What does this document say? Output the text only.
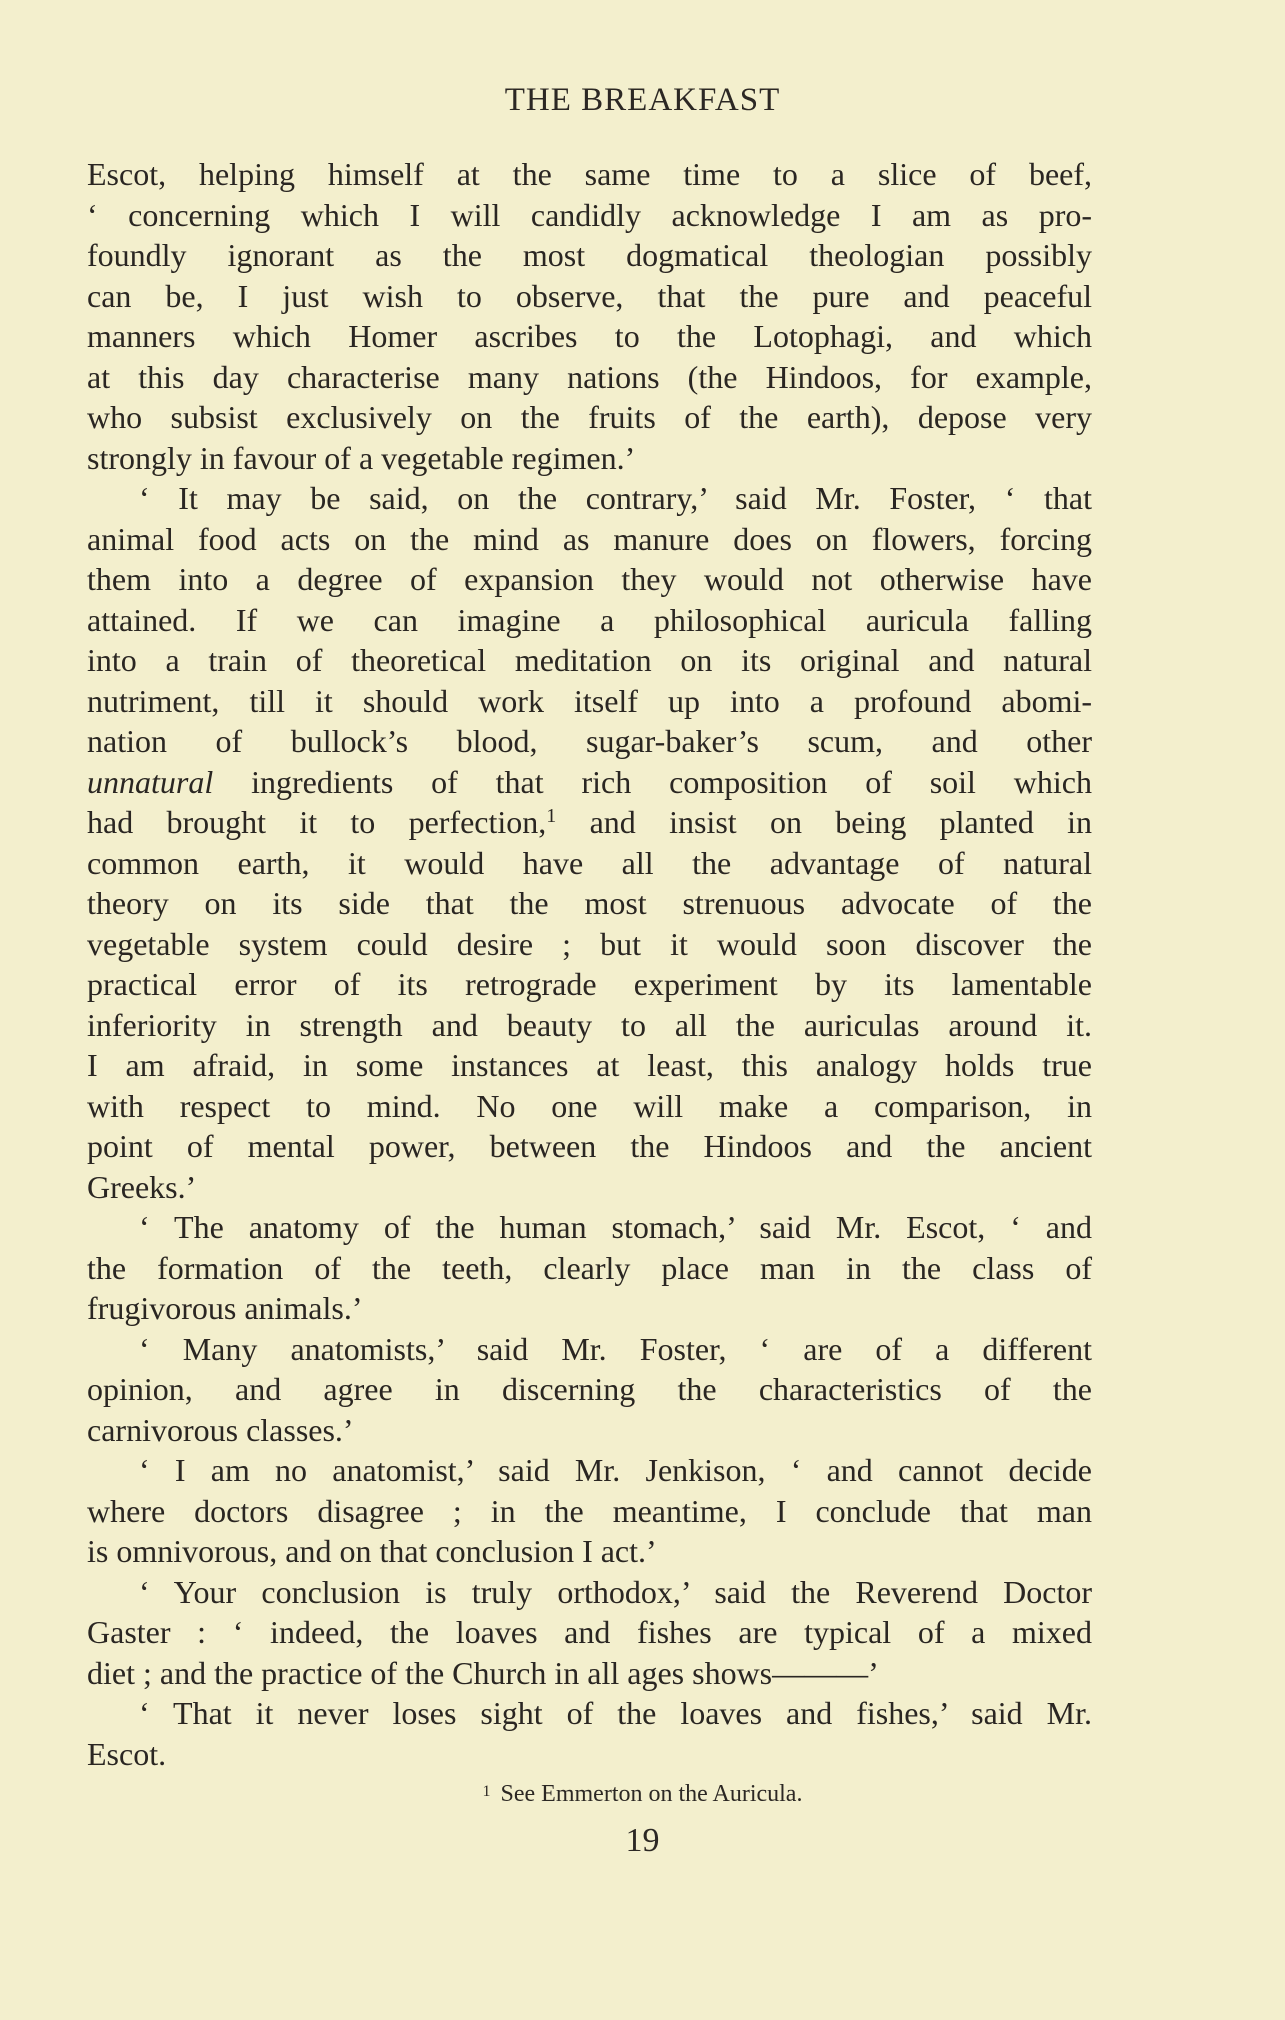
THE BREAKFAST
Escot, helping himself at the same time to a slice of beef,
‘ concerning which I will candidly acknowledge I am as pro-
foundly ignorant as the most dogmatical theologian possibly
can be, I just wish to observe, that the pure and peaceful
manners which Homer ascribes to the Lotophagi, and which
at this day characterise many nations (the Hindoos, for example,
who subsist exclusively on the fruits of the earth), depose very
strongly in favour of a vegetable regimen.’
‘ It may be said, on the contrary,’ said Mr. Foster, ‘ that
animal food acts on the mind as manure does on flowers, forcing
them into a degree of expansion they would not otherwise have
attained. If we can imagine a philosophical auricula falling
into a train of theoretical meditation on its original and natural
nutriment, till it should work itself up into a profound abomi-
nation of bullock’s blood, sugar-baker’s scum, and other
unnatural ingredients of that rich composition of soil which
had brought it to perfection,$^1$ and insist on being planted in
common earth, it would have all the advantage of natural
theory on its side that the most strenuous advocate of the
vegetable system could desire ; but it would soon discover the
practical error of its retrograde experiment by its lamentable
inferiority in strength and beauty to all the auriculas around it.
I am afraid, in some instances at least, this analogy holds true
with respect to mind. No one will make a comparison, in
point of mental power, between the Hindoos and the ancient
Greeks.’
‘ The anatomy of the human stomach,’ said Mr. Escot, ‘ and
the formation of the teeth, clearly place man in the class of
frugivorous animals.’
‘ Many anatomists,’ said Mr. Foster, ‘ are of a different
opinion, and agree in discerning the characteristics of the
carnivorous classes.’
‘ I am no anatomist,’ said Mr. Jenkison, ‘ and cannot decide
where doctors disagree ; in the meantime, I conclude that man
is omnivorous, and on that conclusion I act.’
‘ Your conclusion is truly orthodox,’ said the Reverend Doctor
Gaster : ‘ indeed, the loaves and fishes are typical of a mixed
diet ; and the practice of the Church in all ages shows———’
‘ That it never loses sight of the loaves and fishes,’ said Mr.
Escot.
$^1$ See Emmerton on the Auricula.
19
